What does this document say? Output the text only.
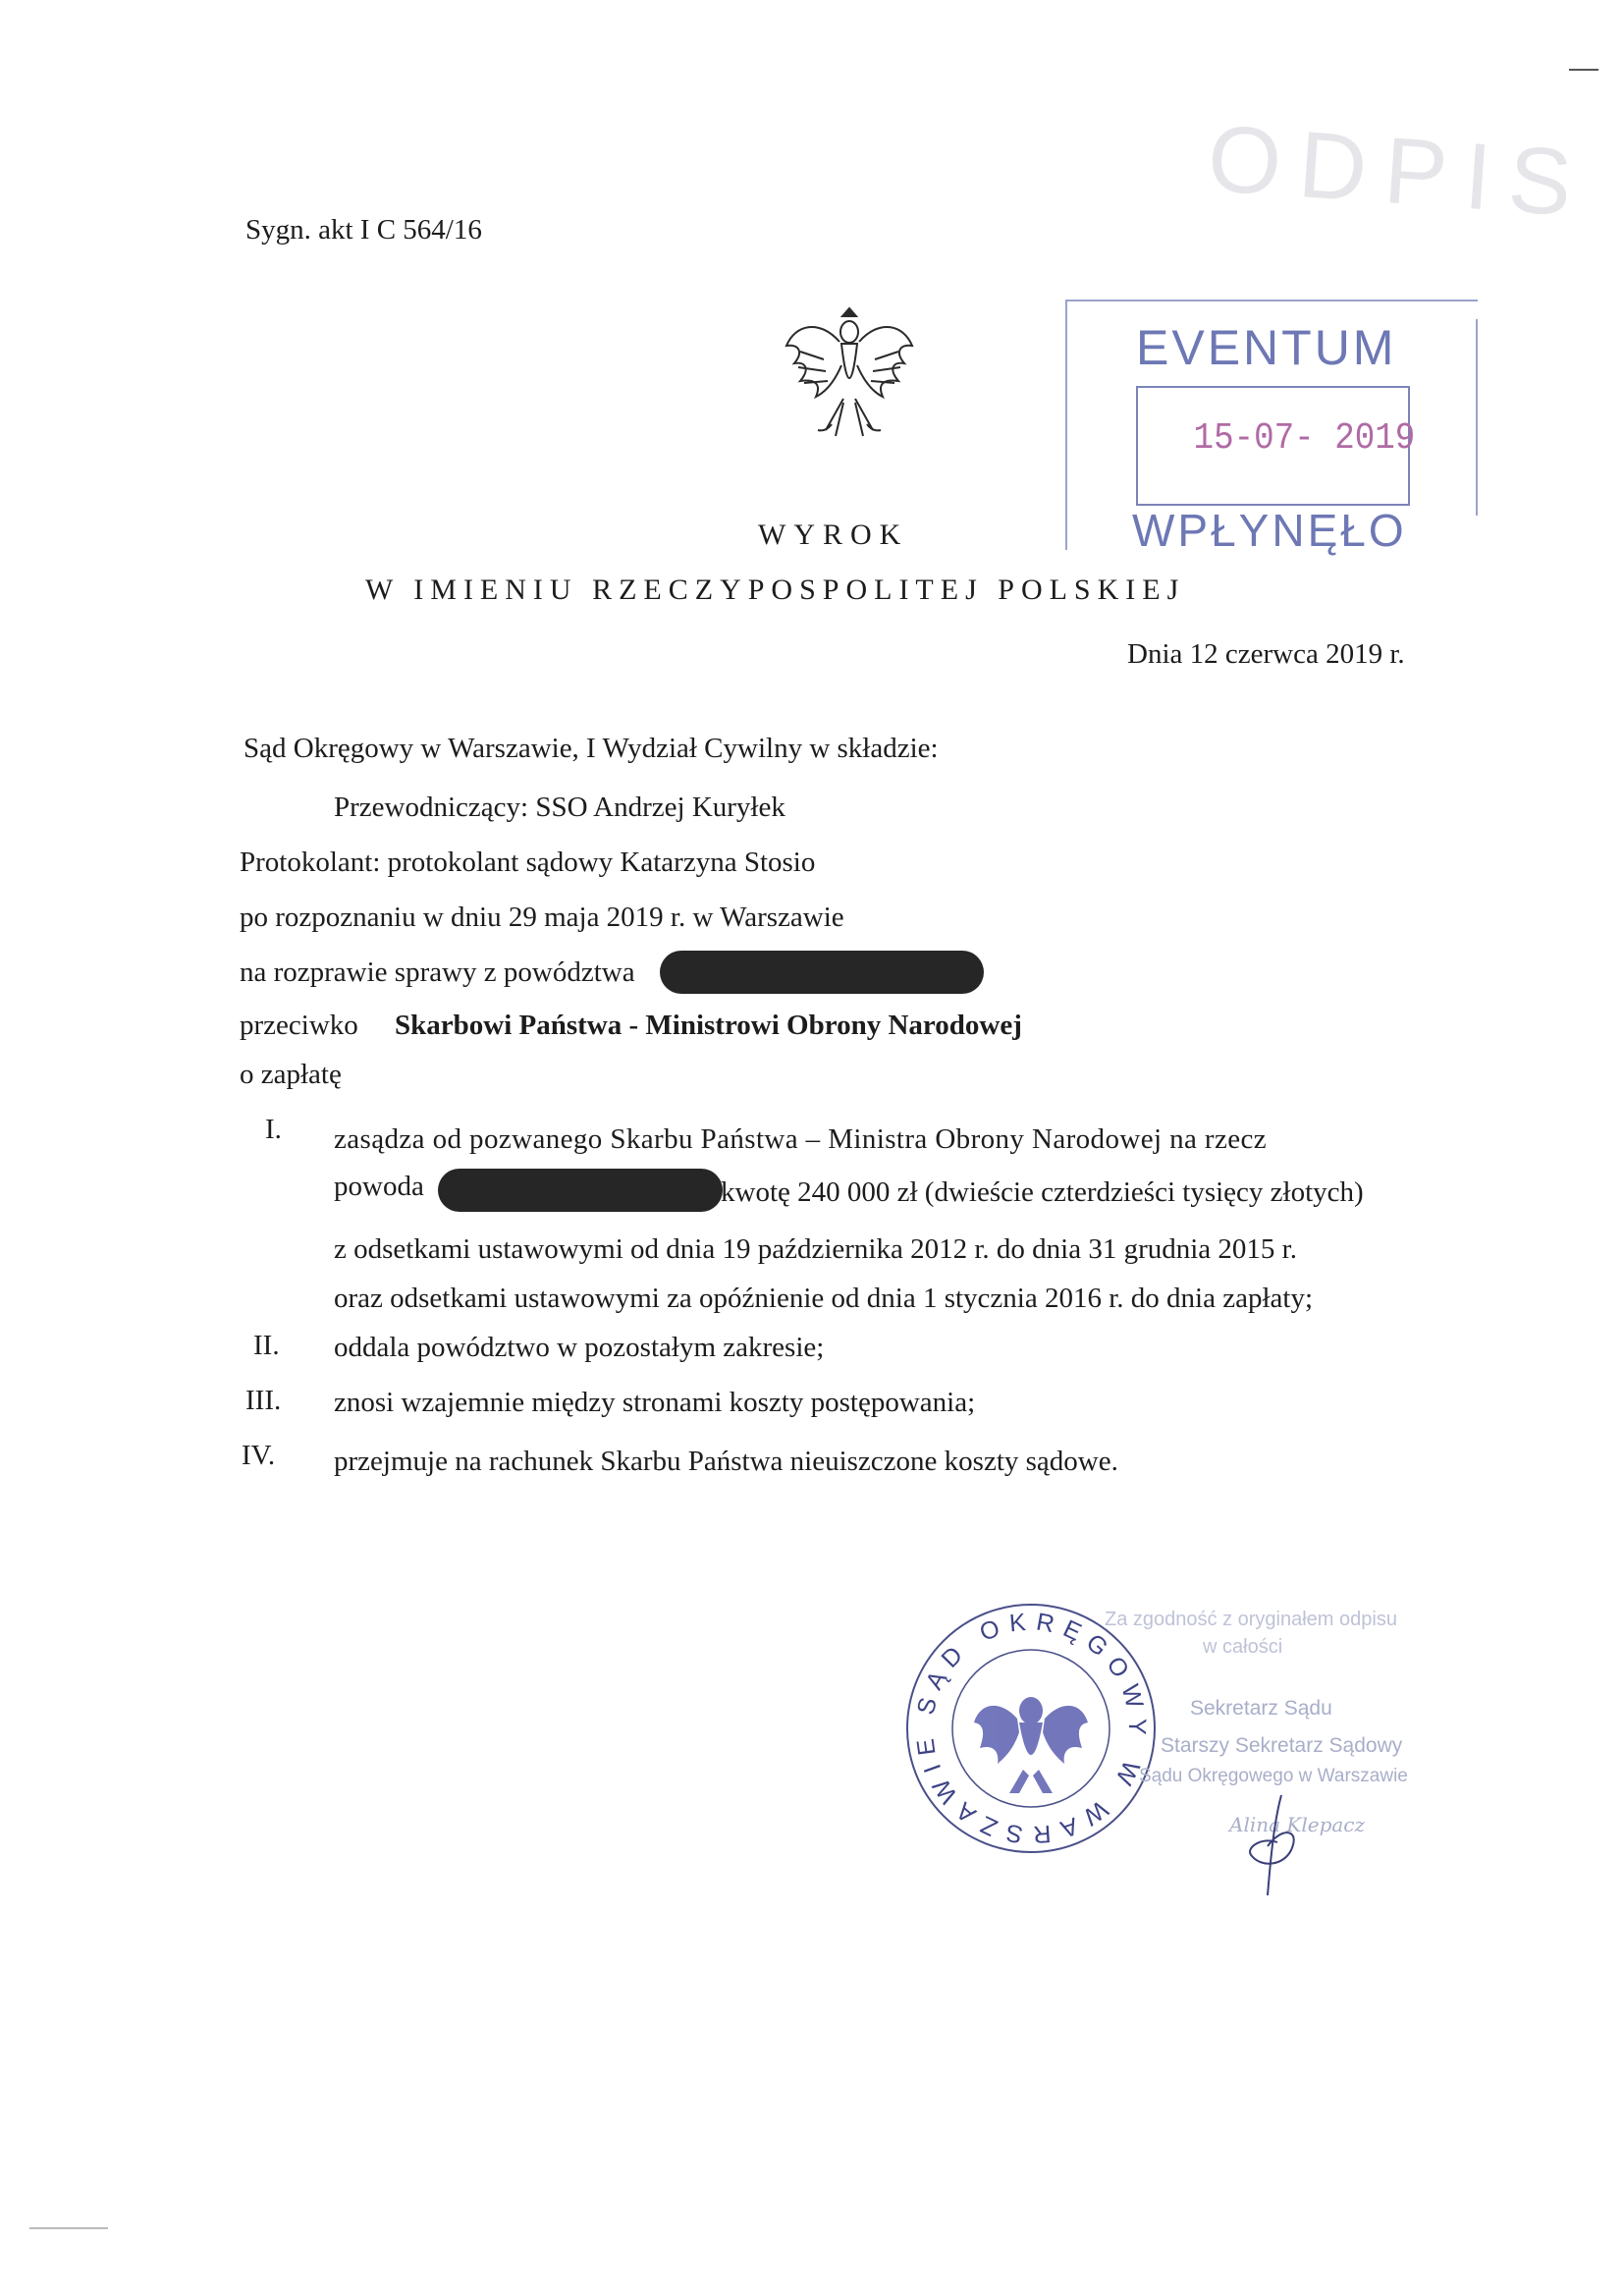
ODPIS
Sygn. akt I C 564/16
EVENTUM
15-07- 2019
WPŁYNĘŁO
WYROK
W IMIENIU RZECZYPOSPOLITEJ POLSKIEJ
Dnia 12 czerwca 2019 r.
Sąd Okręgowy w Warszawie, I Wydział Cywilny w składzie:
Przewodniczący: SSO Andrzej Kuryłek
Protokolant: protokolant sądowy Katarzyna Stosio
po rozpoznaniu w dniu 29 maja 2019 r. w Warszawie
na rozprawie sprawy z powództwa
przeciwko Skarbowi Państwa - Ministrowi Obrony Narodowej
o zapłatę
I. zasądza od pozwanego Skarbu Państwa – Ministra Obrony Narodowej na rzecz
powoda	kwotę 240 000 zł (dwieście czterdzieści tysięcy złotych)
z odsetkami ustawowymi od dnia 19 października 2012 r. do dnia 31 grudnia 2015 r.
oraz odsetkami ustawowymi za opóźnienie od dnia 1 stycznia 2016 r. do dnia zapłaty;
II. oddala powództwo w pozostałym zakresie;
III. znosi wzajemnie między stronami koszty postępowania;
IV. przejmuje na rachunek Skarbu Państwa nieuiszczone koszty sądowe.
SĄD OKRĘGOWY W WARSZAWIE
Za zgodność z oryginałem odpisu
w całości
Sekretarz Sądu
Starszy Sekretarz Sądowy
Sądu Okręgowego w Warszawie
Alina Klepacz
